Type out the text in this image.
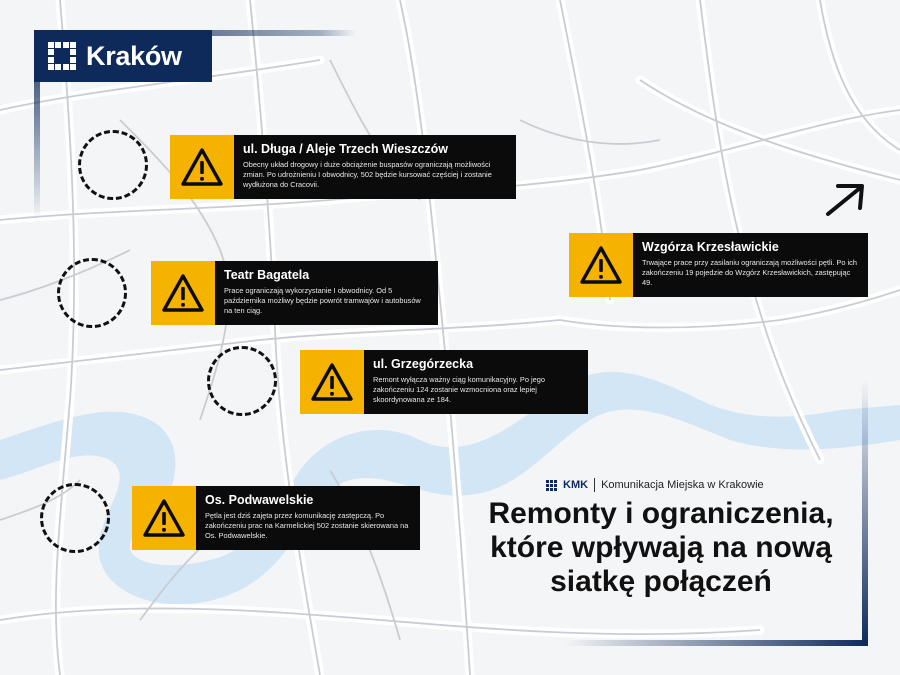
Kraków
ul. Długa / Aleje Trzech Wieszczów
Obecny układ drogowy i duże obciążenie buspasów ograniczają możliwości zmian. Po udrożnieniu I obwodnicy, 502 będzie kursować częściej i zostanie wydłużona do Cracovii.
Teatr Bagatela
Prace ograniczają wykorzystanie I obwodnicy. Od 5 października możliwy będzie powrót tramwajów i autobusów na ten ciąg.
ul. Grzegórzecka
Remont wyłącza ważny ciąg komunikacyjny. Po jego zakończeniu 124 zostanie wzmocniona oraz lepiej skoordynowana ze 184.
Os. Podwawelskie
Pętla jest dziś zajęta przez komunikację zastępczą. Po zakończeniu prac na Karmelickiej 502 zostanie skierowana na Os. Podwawelskie.
Wzgórza Krzesławickie
Trwające prace przy zasilaniu ograniczają możliwości pętli. Po ich zakończeniu 19 pojedzie do Wzgórz Krzesławickich, zastępując 49.
KMK Komunikacja Miejska w Krakowie
Remonty i ograniczenia,
które wpływają na nową
siatkę połączeń
